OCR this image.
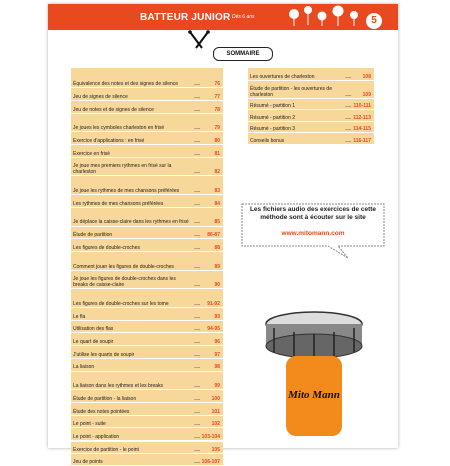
BATTEUR JUNIOR Dès 6 ans	5
SOMMAIRE
Équivalence des notes et des signes de silence	.......	76
Jeu de signes de silence	.......	77
Jeu de notes et de signes de silence	.......	78
Je joues les cymboles charleston en frisé	.......	79
Exercice d'applications : en frisé	.......	80
Exercice en frisé	.......	81
Je joue mes premiers rythmes en frisé sur la charleston	.......	82
Je joue les rythmes de mes chansons préférées	.......	83
Les rythmes de mes chansons préférées	.......	84
Je déplace la caisse-claire dans les rythmes en frisé	.......	85
Étude de partition	.......	86-87
Les figures de double-croches	.......	88
Comment jouer les figures de double-croches	.......	89
Je joue les figures de double-croches dans les breaks de caisse-claire	.......	90
Les figures de double-croches sur les tome	.......	91-92
Le fla	.......	93
Utilisation des flas	.......	94-95
Le quart de soupir	.......	96
J'utilise les quarts de soupir	.......	97
La liaison	.......	98
La liaison dans les rythmes et les breaks	.......	99
Étude de partition - la liaison	.......	100
Étude des notes pointées	.......	101
Le point - suite	.......	102
Le point - application	....... 103-104
Exercice de partition - le point	.......	105
Jeu de points	....... 106-107
Les ouvertures de charleston	.......	108
Étude de partition - les ouvertures de charleston	.......	109
Résumé - partition 1	....... 110-111
Résumé - partition 2	....... 112-113
Résumé - partition 3	....... 114-115
Conseils bonus	....... 116-117
Les fichiers audio des exercices de cette méthode sont à écouter sur le site
www.mitomann.com
Mito Mann
